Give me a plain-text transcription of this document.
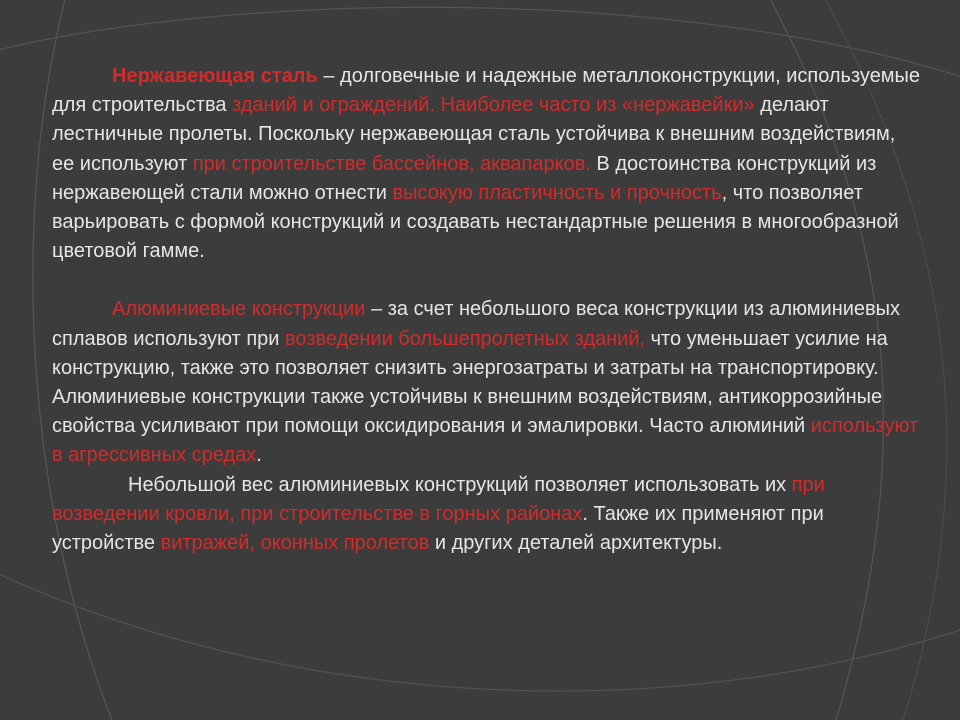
Нержавеющая сталь – долговечные и надежные металлоконструкции, используемые для строительства зданий и ограждений. Наиболее часто из «нержавейки» делают лестничные пролеты. Поскольку нержавеющая сталь устойчива к внешним воздействиям, ее используют при строительстве бассейнов, аквапарков. В достоинства конструкций из нержавеющей стали можно отнести высокую пластичность и прочность, что позволяет варьировать с формой конструкций и создавать нестандартные решения в многообразной цветовой гамме.

Алюминиевые конструкции – за счет небольшого веса конструкции из алюминиевых сплавов используют при возведении большепролетных зданий, что уменьшает усилие на конструкцию, также это позволяет снизить энергозатраты и затраты на транспортировку. Алюминиевые конструкции также устойчивы к внешним воздействиям, антикоррозийные свойства усиливают при помощи оксидирования и эмалировки. Часто алюминий используют в агрессивных средах.

Небольшой вес алюминиевых конструкций позволяет использовать их при возведении кровли, при строительстве в горных районах. Также их применяют при устройстве витражей, оконных пролетов и других деталей архитектуры.
